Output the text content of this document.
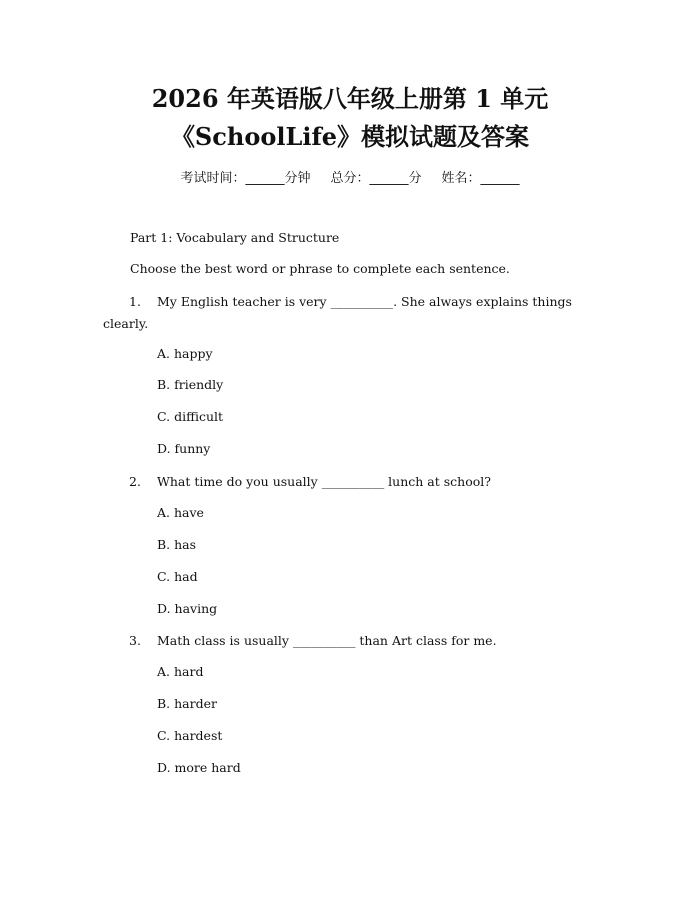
2026 年英语版八年级上册第 1 单元
《SchoolLife》模拟试题及答案
考试时间：______分钟 总分：______分 姓名：______
Part 1: Vocabulary and Structure
Choose the best word or phrase to complete each sentence.
1. My English teacher is very __________. She always explains things clearly.
A. happy
B. friendly
C. difficult
D. funny
2. What time do you usually __________ lunch at school?
A. have
B. has
C. had
D. having
3. Math class is usually __________ than Art class for me.
A. hard
B. harder
C. hardest
D. more hard
